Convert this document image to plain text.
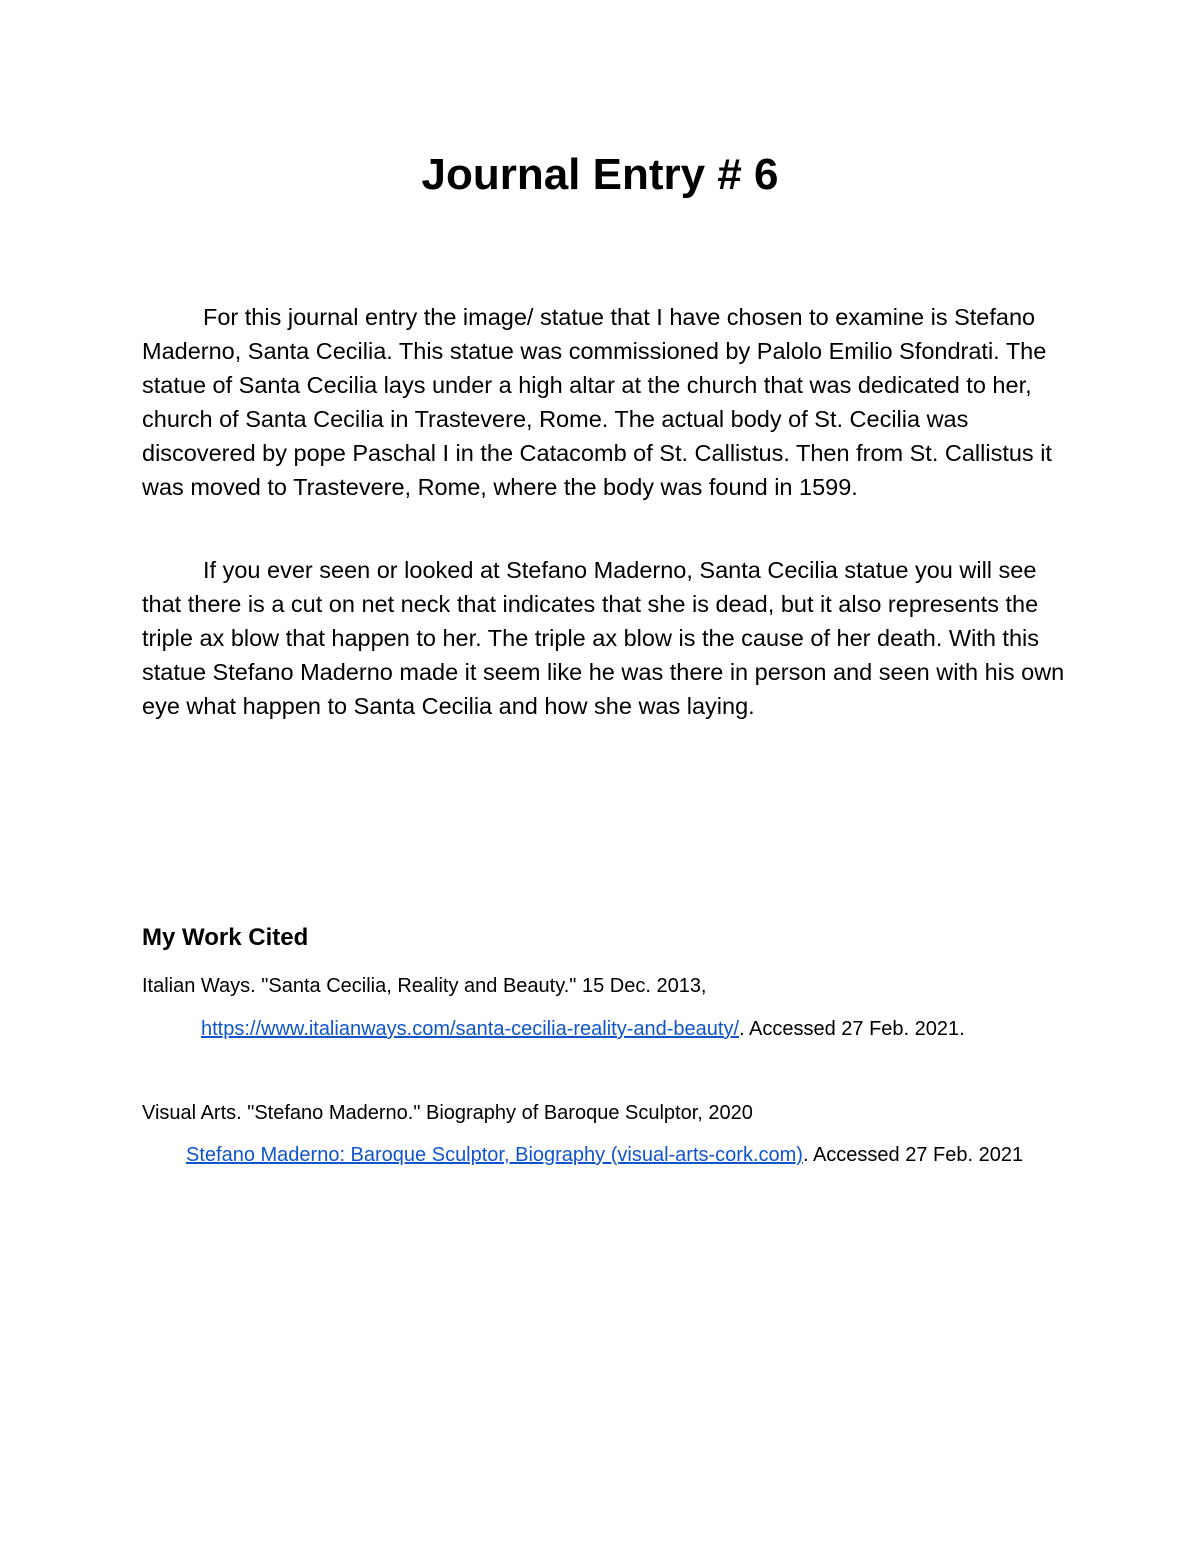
Journal Entry # 6

For this journal entry the image/ statue that I have chosen to examine is Stefano Maderno, Santa Cecilia. This statue was commissioned by Palolo Emilio Sfondrati. The statue of Santa Cecilia lays under a high altar at the church that was dedicated to her, church of Santa Cecilia in Trastevere, Rome. The actual body of St. Cecilia was discovered by pope Paschal I in the Catacomb of St. Callistus. Then from St. Callistus it was moved to Trastevere, Rome, where the body was found in 1599.

If you ever seen or looked at Stefano Maderno, Santa Cecilia statue you will see that there is a cut on net neck that indicates that she is dead, but it also represents the triple ax blow that happen to her. The triple ax blow is the cause of her death. With this statue Stefano Maderno made it seem like he was there in person and seen with his own eye what happen to Santa Cecilia and how she was laying.

My Work Cited

Italian Ways. "Santa Cecilia, Reality and Beauty." 15 Dec. 2013,

https://www.italianways.com/santa-cecilia-reality-and-beauty/. Accessed 27 Feb. 2021.

Visual Arts. "Stefano Maderno." Biography of Baroque Sculptor, 2020

Stefano Maderno: Baroque Sculptor, Biography (visual-arts-cork.com). Accessed 27 Feb. 2021
